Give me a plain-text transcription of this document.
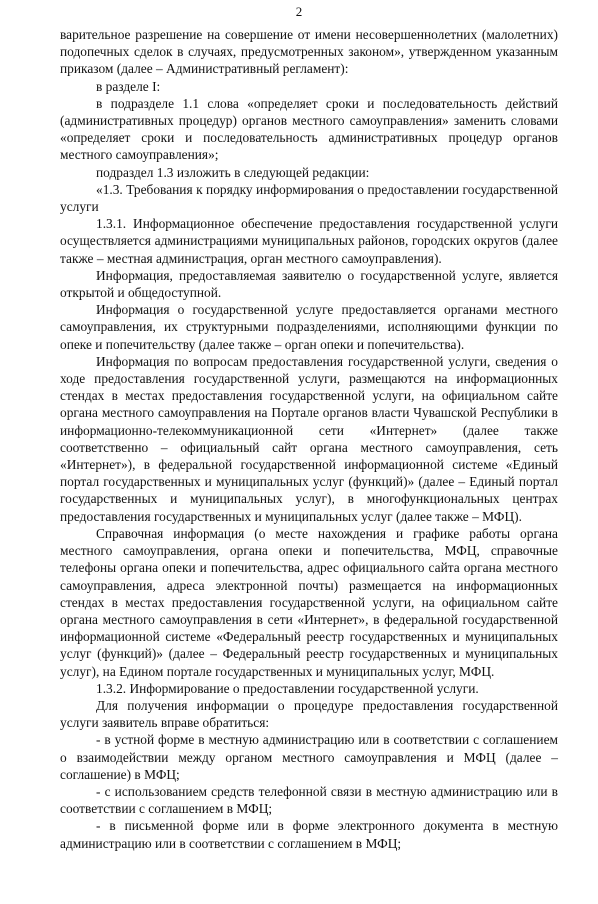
2

варительное разрешение на совершение от имени несовершеннолетних (малолетних) подопечных сделок в случаях, предусмотренных законом», утвержденном указанным приказом (далее – Административный регламент):

в разделе I:

в подразделе 1.1 слова «определяет сроки и последовательность действий (административных процедур) органов местного самоуправления» заменить словами «определяет сроки и последовательность административных процедур органов местного самоуправления»;

подраздел 1.3 изложить в следующей редакции:

«1.3. Требования к порядку информирования о предоставлении государственной услуги

1.3.1. Информационное обеспечение предоставления государственной услуги осуществляется администрациями муниципальных районов, городских округов (далее также – местная администрация, орган местного самоуправления).

Информация, предоставляемая заявителю о государственной услуге, является открытой и общедоступной.

Информация о государственной услуге предоставляется органами местного самоуправления, их структурными подразделениями, исполняющими функции по опеке и попечительству (далее также – орган опеки и попечительства).

Информация по вопросам предоставления государственной услуги, сведения о ходе предоставления государственной услуги, размещаются на информационных стендах в местах предоставления государственной услуги, на официальном сайте органа местного самоуправления на Портале органов власти Чувашской Республики в информационно-телекоммуникационной сети «Интернет» (далее также соответственно – официальный сайт органа местного самоуправления, сеть «Интернет»), в федеральной государственной информационной системе «Единый портал государственных и муниципальных услуг (функций)» (далее – Единый портал государственных и муниципальных услуг), в многофункциональных центрах предоставления государственных и муниципальных услуг (далее также – МФЦ).

Справочная информация (о месте нахождения и графике работы органа местного самоуправления, органа опеки и попечительства, МФЦ, справочные телефоны органа опеки и попечительства, адрес официального сайта органа местного самоуправления, адреса электронной почты) размещается на информационных стендах в местах предоставления государственной услуги, на официальном сайте органа местного самоуправления в сети «Интернет», в федеральной государственной информационной системе «Федеральный реестр государственных и муниципальных услуг (функций)» (далее – Федеральный реестр государственных и муниципальных услуг), на Едином портале государственных и муниципальных услуг, МФЦ.

1.3.2. Информирование о предоставлении государственной услуги.

Для получения информации о процедуре предоставления государственной услуги заявитель вправе обратиться:

- в устной форме в местную администрацию или в соответствии с соглашением о взаимодействии между органом местного самоуправления и МФЦ (далее – соглашение) в МФЦ;

- с использованием средств телефонной связи в местную администрацию или в соответствии с соглашением в МФЦ;

- в письменной форме или в форме электронного документа в местную администрацию или в соответствии с соглашением в МФЦ;
